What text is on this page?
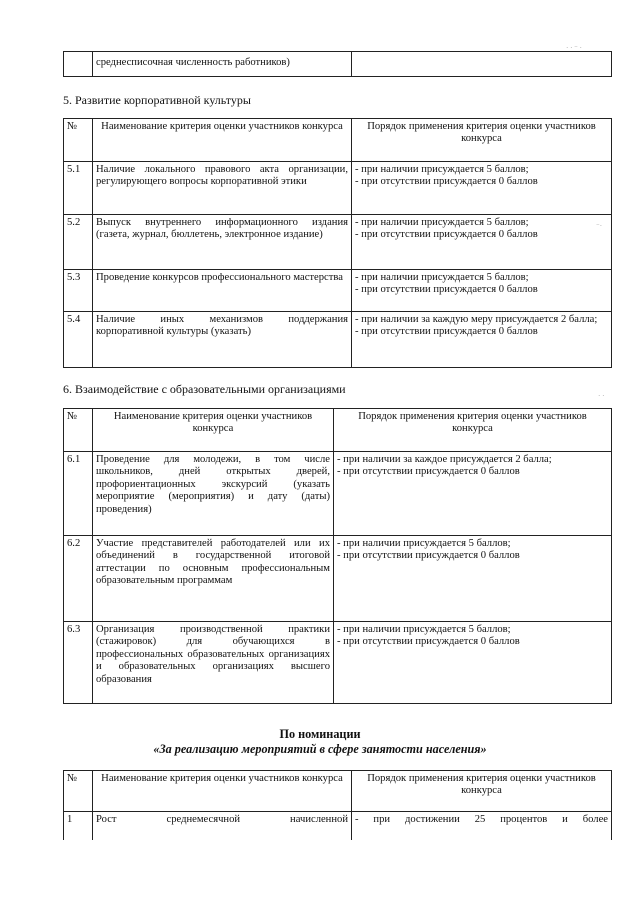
· · ⁻ ·
⁻·
· ·
	среднесписочная численность работников)	
5. Развитие корпоративной культуры
№	Наименование критерия оценки участников конкурса	Порядок применения критерия оценки участников конкурса
5.1	Наличие локального правового акта организации, регулирующего вопросы корпоративной этики	- при наличии присуждается 5 баллов;
- при отсутствии присуждается 0 баллов

5.2	Выпуск внутреннего информационного издания (газета, журнал, бюллетень, электронное издание)	- при наличии присуждается 5 баллов;
- при отсутствии присуждается 0 баллов

5.3	Проведение конкурсов профессионального мастерства	- при наличии присуждается 5 баллов;
- при отсутствии присуждается 0 баллов

5.4	Наличие иных механизмов поддержания корпоративной культуры (указать)	- при наличии за каждую меру присуждается 2 балла;
- при отсутствии присуждается 0 баллов
6. Взаимодействие с образовательными организациями
№	Наименование критерия оценки участников конкурса	Порядок применения критерия оценки участников конкурса
6.1	Проведение для молодежи, в том числе школьников, дней открытых дверей, профориентационных экскурсий (указать мероприятие (мероприятия) и дату (даты) проведения)	- при наличии за каждое присуждается 2 балла;
- при отсутствии присуждается 0 баллов

6.2	Участие представителей работодателей или их объединений в государственной итоговой аттестации по основным профессиональным образовательным программам	- при наличии присуждается 5 баллов;
- при отсутствии присуждается 0 баллов

6.3	Организация производственной практики (стажировок) для обучающихся в профессиональных образовательных организациях и образовательных организациях высшего образования	- при наличии присуждается 5 баллов;
- при отсутствии присуждается 0 баллов
По номинации
«За реализацию мероприятий в сфере занятости населения»
№	Наименование критерия оценки участников конкурса	Порядок применения критерия оценки участников конкурса
1	Рост среднемесячной начисленной	- при достижении 25 процентов и более
